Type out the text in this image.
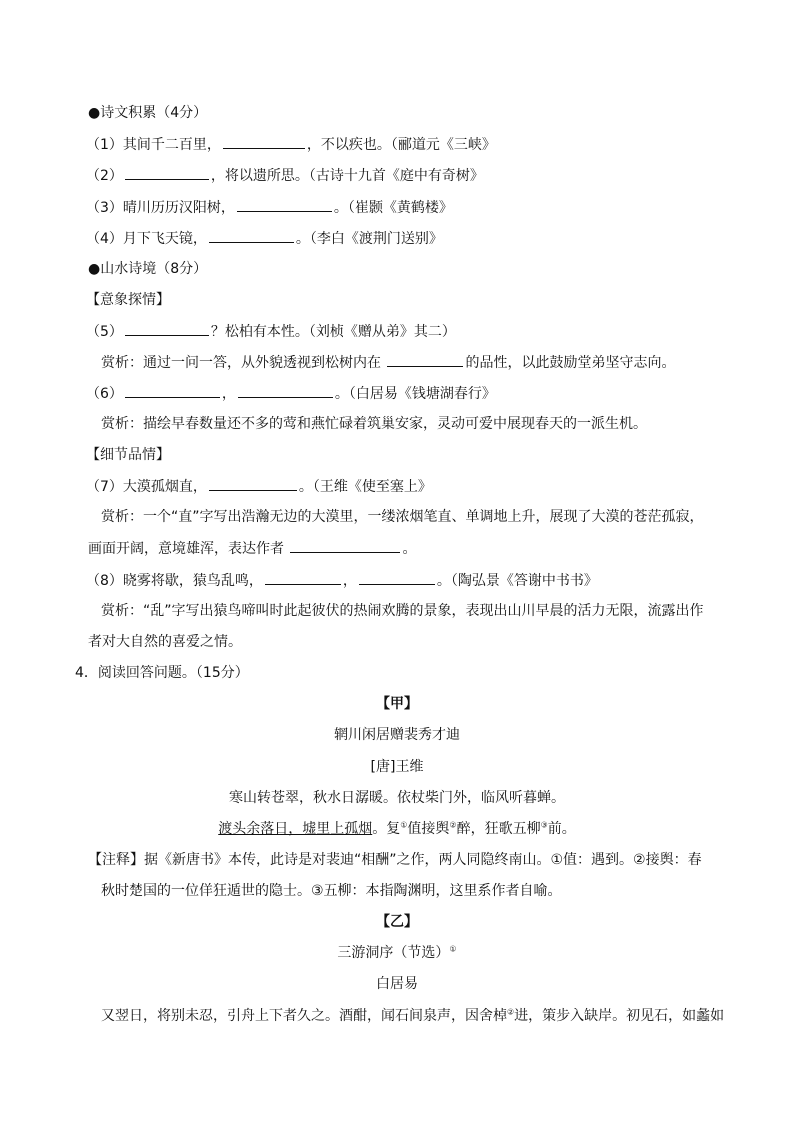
●诗文积累（4分）
（1）其间千二百里，	，不以疾也。（郦道元《三峡》
（2）	，将以遗所思。（古诗十九首《庭中有奇树》
（3）晴川历历汉阳树，	。（崔颢《黄鹤楼》
（4）月下飞天镜，	。（李白《渡荆门送别》
●山水诗境（8分）
【意象探情】
（5）	？松柏有本性。（刘桢《赠从弟》其二）
赏析：通过一问一答，从外貌透视到松树内在	的品性，以此鼓励堂弟坚守志向。
（6）	，	。（白居易《钱塘湖春行》
赏析：描绘早春数量还不多的莺和燕忙碌着筑巢安家，灵动可爱中展现春天的一派生机。
【细节品情】
（7）大漠孤烟直，	。（王维《使至塞上》
赏析：一个“直”字写出浩瀚无边的大漠里，一缕浓烟笔直、单调地上升，展现了大漠的苍茫孤寂，
画面开阔，意境雄浑，表达作者	。
（8）晓雾将歇，猿鸟乱鸣，	，	。（陶弘景《答谢中书书》
赏析：“乱”字写出猿鸟啼叫时此起彼伏的热闹欢腾的景象，表现出山川早晨的活力无限，流露出作
者对大自然的喜爱之情。
4．阅读回答问题。（15分）
【甲】
辋川闲居赠裴秀才迪
[唐]王维
寒山转苍翠，秋水日潺暖。依杖柴门外，临风听暮蝉。
渡头余落日，墟里上孤烟。复①值接舆②醉，狂歌五柳③前。
【注释】据《新唐书》本传，此诗是对裴迪“相酬”之作，两人同隐终南山。①值：遇到。②接舆：春
秋时楚国的一位佯狂遁世的隐士。③五柳：本指陶渊明，这里系作者自喻。
【乙】
三游洞序（节选）①
白居易
又翌日，将别未忍，引舟上下者久之。酒酣，闻石间泉声，因舍棹②进，策步入缺岸。初见石，如蠡如
